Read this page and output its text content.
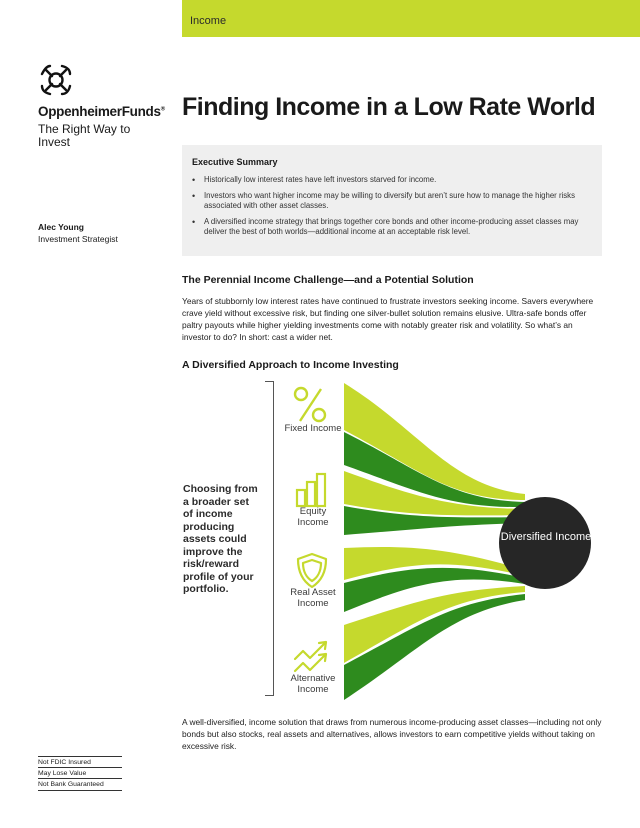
Income
OppenheimerFunds®
The Right Way to Invest
Finding Income in a Low Rate World
Executive Summary
• Historically low interest rates have left investors starved for income.
• Investors who want higher income may be willing to diversify but aren’t sure how to manage the higher risks associated with other asset classes.
• A diversified income strategy that brings together core bonds and other income-producing asset classes may deliver the best of both worlds—additional income at an acceptable risk level.
Alec Young
Investment Strategist
The Perennial Income Challenge—and a Potential Solution

Years of stubbornly low interest rates have continued to frustrate investors seeking income. Savers everywhere crave yield without excessive risk, but finding one silver-bullet solution remains elusive. Ultra-safe bonds offer paltry payouts while higher yielding investments come with notably greater risk and volatility. So what’s an investor to do? In short: cast a wider net.

A Diversified Approach to Income Investing
Choosing from a broader set of income producing assets could improve the risk/reward profile of your portfolio.
Fixed Income
Equity Income
Real Asset Income
Alternative Income
Diversified Income

A well-diversified, income solution that draws from numerous income-producing asset classes—including not only bonds but also stocks, real assets and alternatives, allows investors to earn competitive yields without taking on excessive risk.

Not FDIC Insured
May Lose Value
Not Bank Guaranteed
